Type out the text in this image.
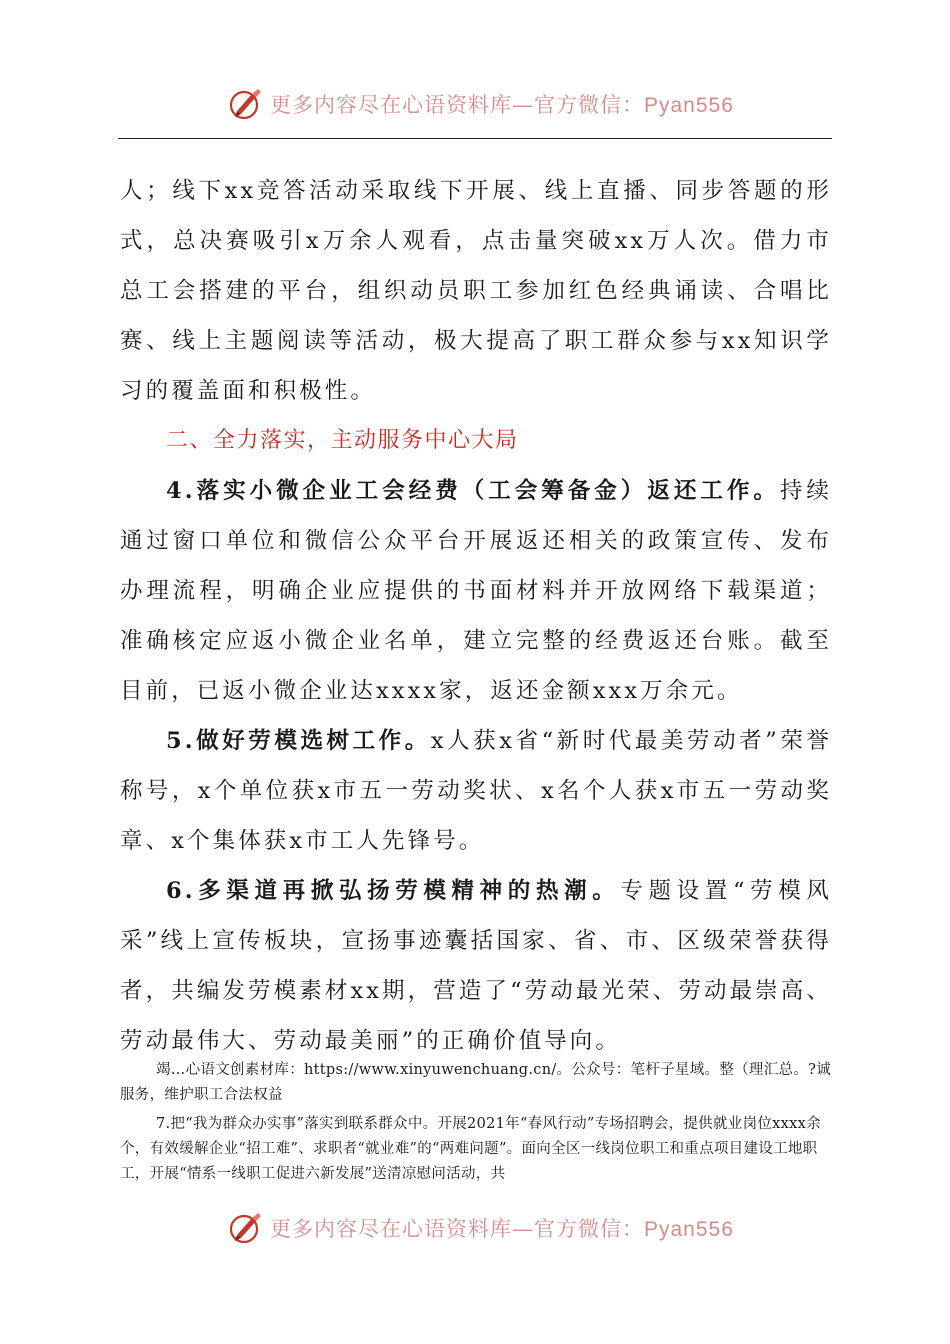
更多内容尽在心语资料库—官方微信：Pyan556

人；线下xx竞答活动采取线下开展、线上直播、同步答题的形式，总决赛吸引x万余人观看，点击量突破xx万人次。借力市总工会搭建的平台，组织动员职工参加红色经典诵读、合唱比赛、线上主题阅读等活动，极大提高了职工群众参与xx知识学习的覆盖面和积极性。

二、全力落实，主动服务中心大局

4.落实小微企业工会经费（工会筹备金）返还工作。持续通过窗口单位和微信公众平台开展返还相关的政策宣传、发布办理流程，明确企业应提供的书面材料并开放网络下载渠道；准确核定应返小微企业名单，建立完整的经费返还台账。截至目前，已返小微企业达xxxx家，返还金额xxx万余元。

5.做好劳模选树工作。x人获x省“新时代最美劳动者”荣誉称号，x个单位获x市五一劳动奖状、x名个人获x市五一劳动奖章、x个集体获x市工人先锋号。

6.多渠道再掀弘扬劳模精神的热潮。专题设置“劳模风采”线上宣传板块，宣扬事迹囊括国家、省、市、区级荣誉获得者，共编发劳模素材xx期，营造了“劳动最光荣、劳动最崇高、劳动最伟大、劳动最美丽”的正确价值导向。

竭…心语文创素材库：https://www.xinyuwenchuang.cn/。公众号：笔杆子星域。整（理汇总。?诚服务，维护职工合法权益

7.把“我为群众办实事”落实到联系群众中。开展2021年“春风行动”专场招聘会，提供就业岗位xxxx余个，有效缓解企业“招工难”、求职者“就业难”的“两难问题”。面向全区一线岗位职工和重点项目建设工地职工，开展“情系一线职工促进六新发展”送清凉慰问活动，共

更多内容尽在心语资料库—官方微信：Pyan556
